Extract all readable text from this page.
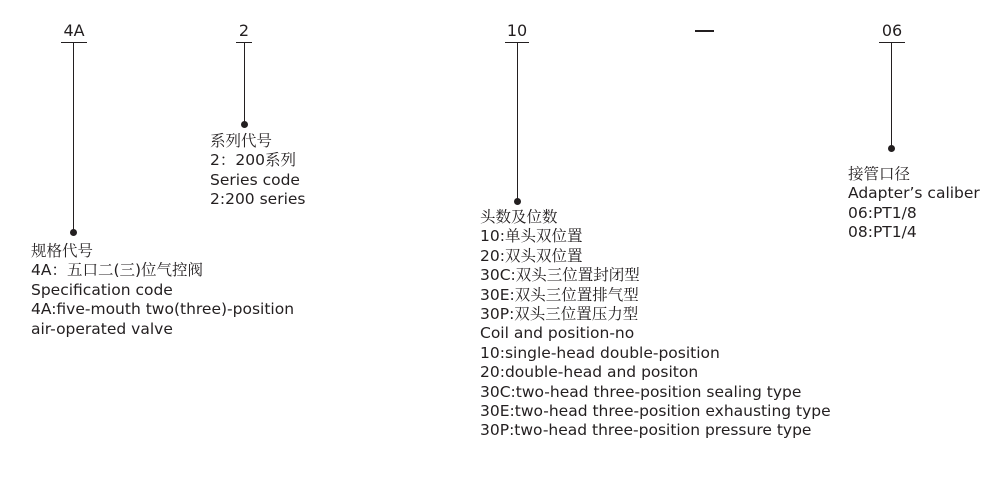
4A	2	10	06
规格代号
4A：五口二(三)位气控阀
Specification code
4A:five-mouth two(three)-position
air-operated valve
系列代号
2：200系列
Series code
2:200 series
头数及位数
10:单头双位置
20:双头双位置
30C:双头三位置封闭型
30E:双头三位置排气型
30P:双头三位置压力型
Coil and position-no
10:single-head double-position
20:double-head and positon
30C:two-head three-position sealing type
30E:two-head three-position exhausting type
30P:two-head three-position pressure type
接管口径
Adapter’s caliber
06:PT1/8
08:PT1/4
